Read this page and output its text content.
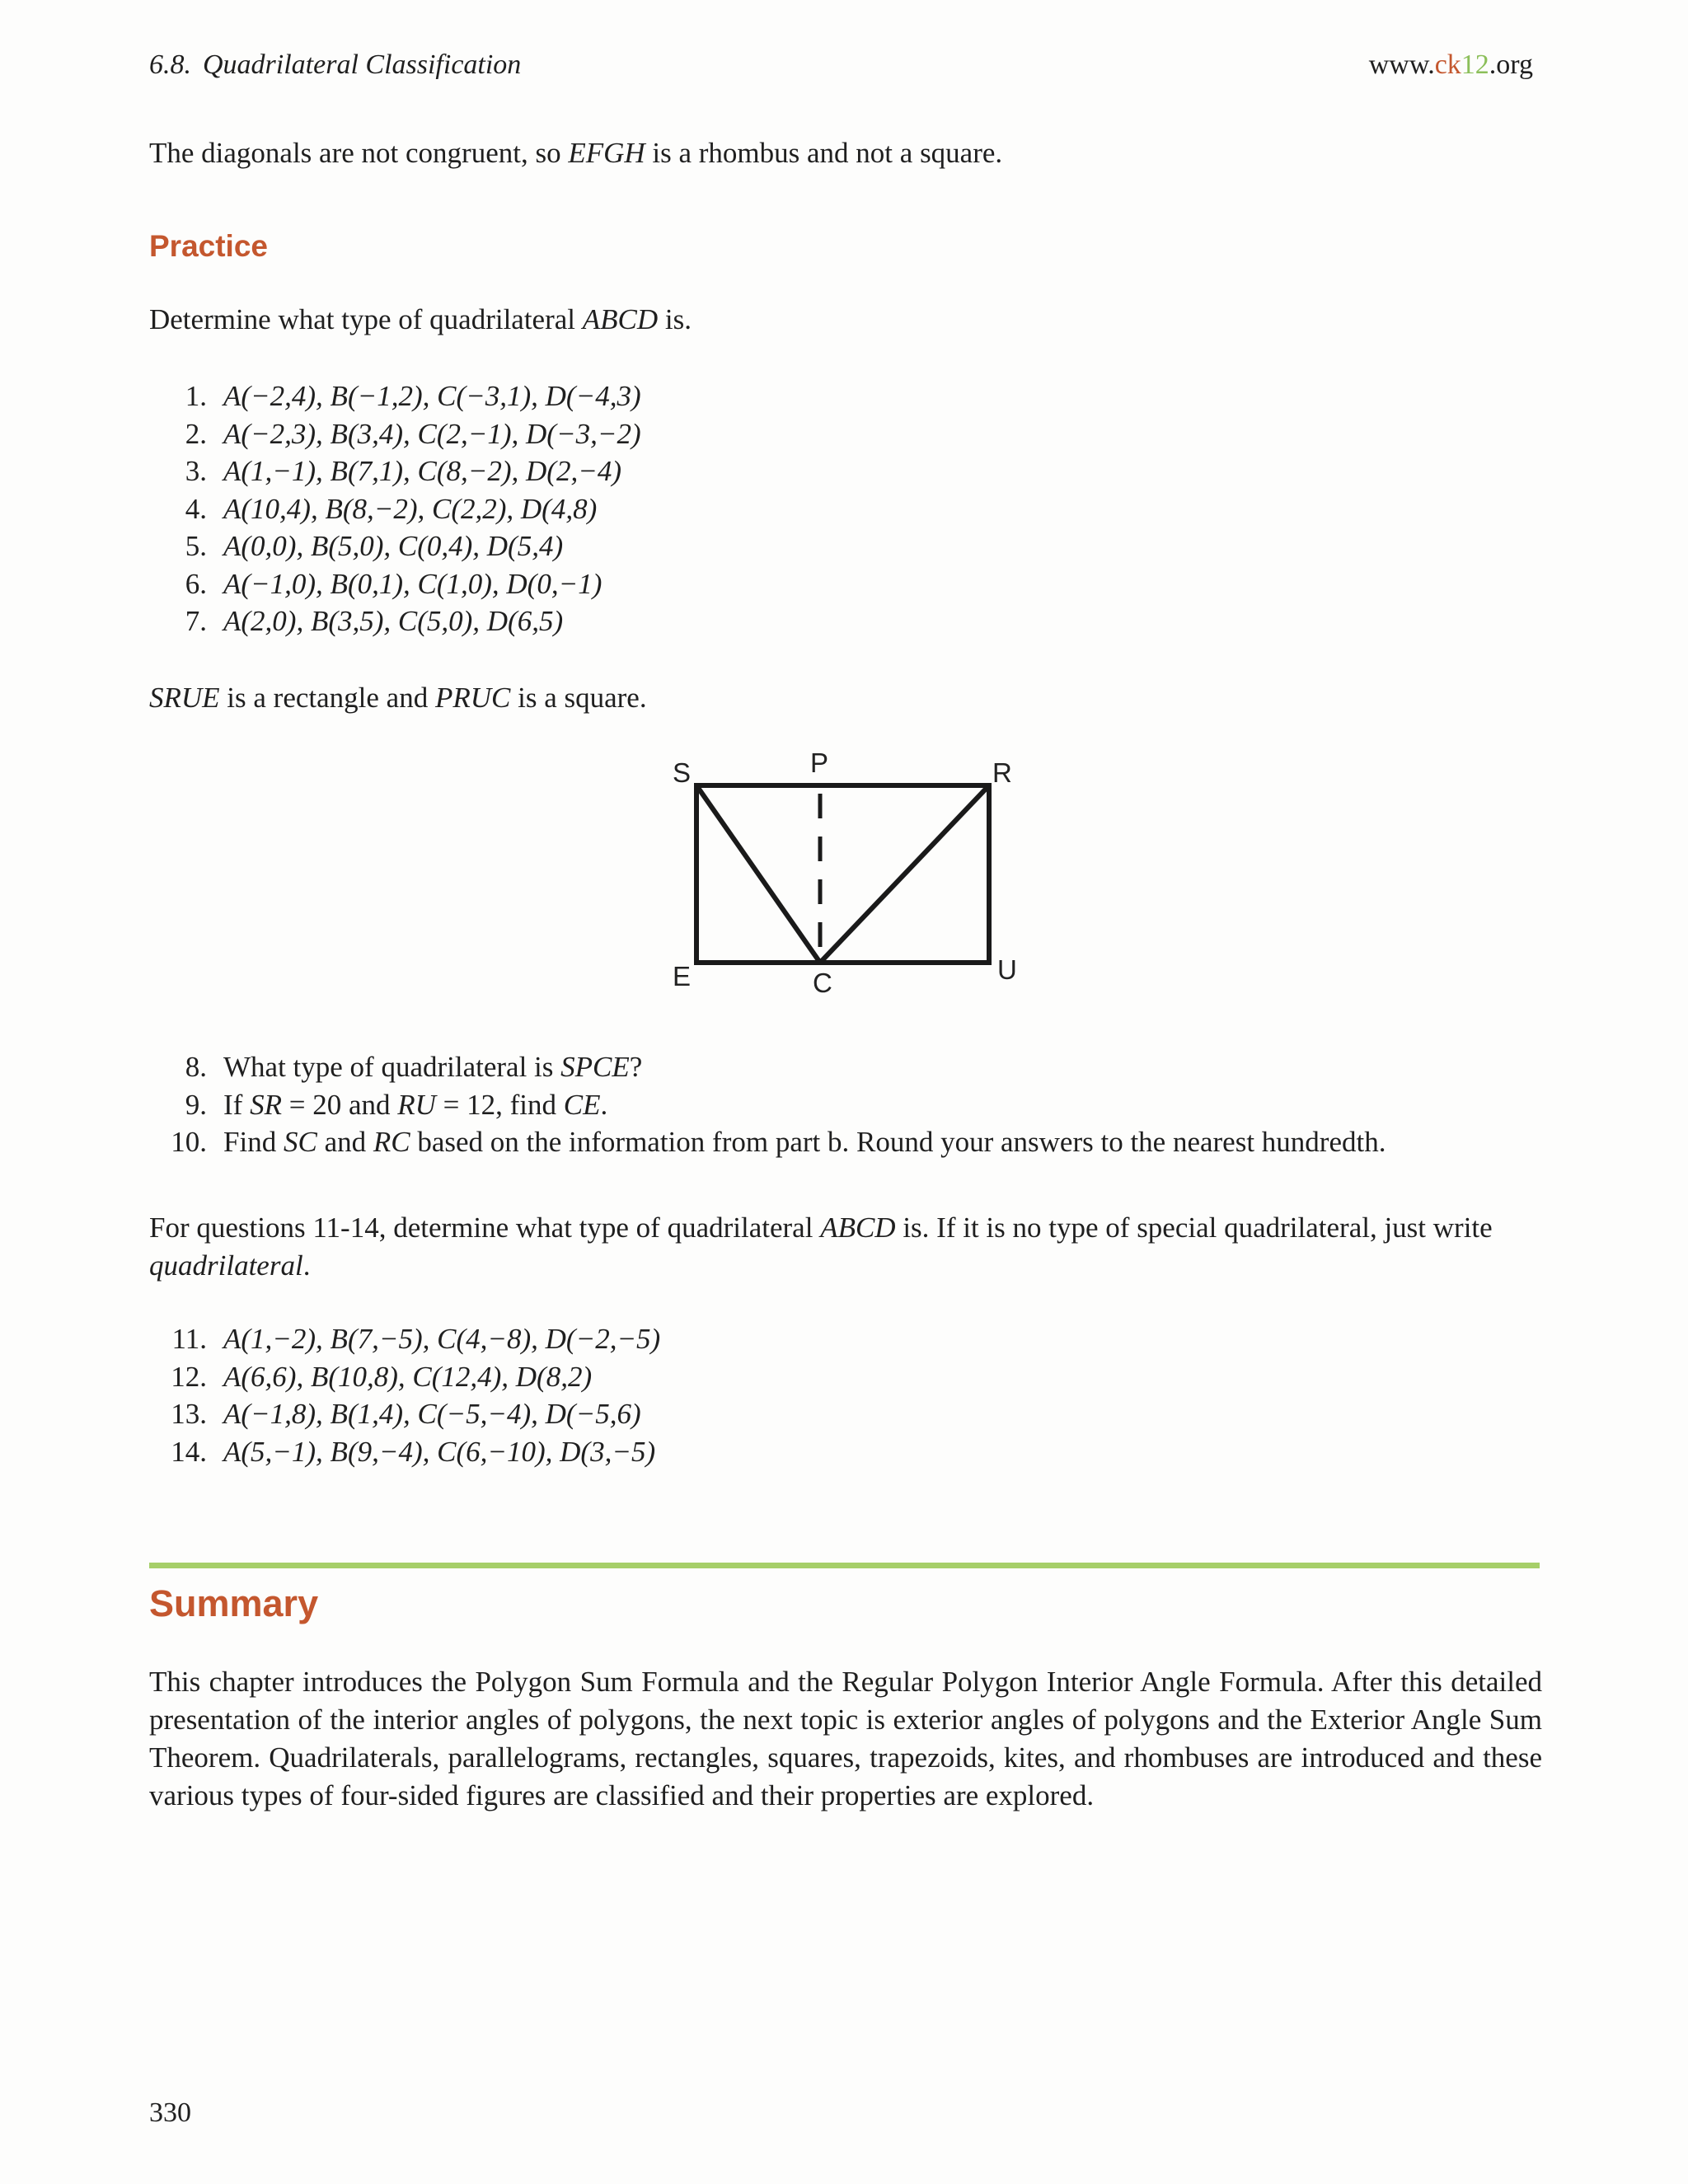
6.8. Quadrilateral Classification	www.ck12.org
The diagonals are not congruent, so EFGH is a rhombus and not a square.
Practice
Determine what type of quadrilateral ABCD is.
1. A(−2,4), B(−1,2), C(−3,1), D(−4,3)
2. A(−2,3), B(3,4), C(2,−1), D(−3,−2)
3. A(1,−1), B(7,1), C(8,−2), D(2,−4)
4. A(10,4), B(8,−2), C(2,2), D(4,8)
5. A(0,0), B(5,0), C(0,4), D(5,4)
6. A(−1,0), B(0,1), C(1,0), D(0,−1)
7. A(2,0), B(3,5), C(5,0), D(6,5)
SRUE is a rectangle and PRUC is a square.
S	P	R
E	C	U
8. What type of quadrilateral is SPCE?
9. If SR = 20 and RU = 12, find CE.
10. Find SC and RC based on the information from part b. Round your answers to the nearest hundredth.
For questions 11-14, determine what type of quadrilateral ABCD is. If it is no type of special quadrilateral, just write quadrilateral.
11. A(1,−2), B(7,−5), C(4,−8), D(−2,−5)
12. A(6,6), B(10,8), C(12,4), D(8,2)
13. A(−1,8), B(1,4), C(−5,−4), D(−5,6)
14. A(5,−1), B(9,−4), C(6,−10), D(3,−5)
Summary
This chapter introduces the Polygon Sum Formula and the Regular Polygon Interior Angle Formula. After this detailed presentation of the interior angles of polygons, the next topic is exterior angles of polygons and the Exterior Angle Sum Theorem. Quadrilaterals, parallelograms, rectangles, squares, trapezoids, kites, and rhombuses are introduced and these various types of four-sided figures are classified and their properties are explored.
330
